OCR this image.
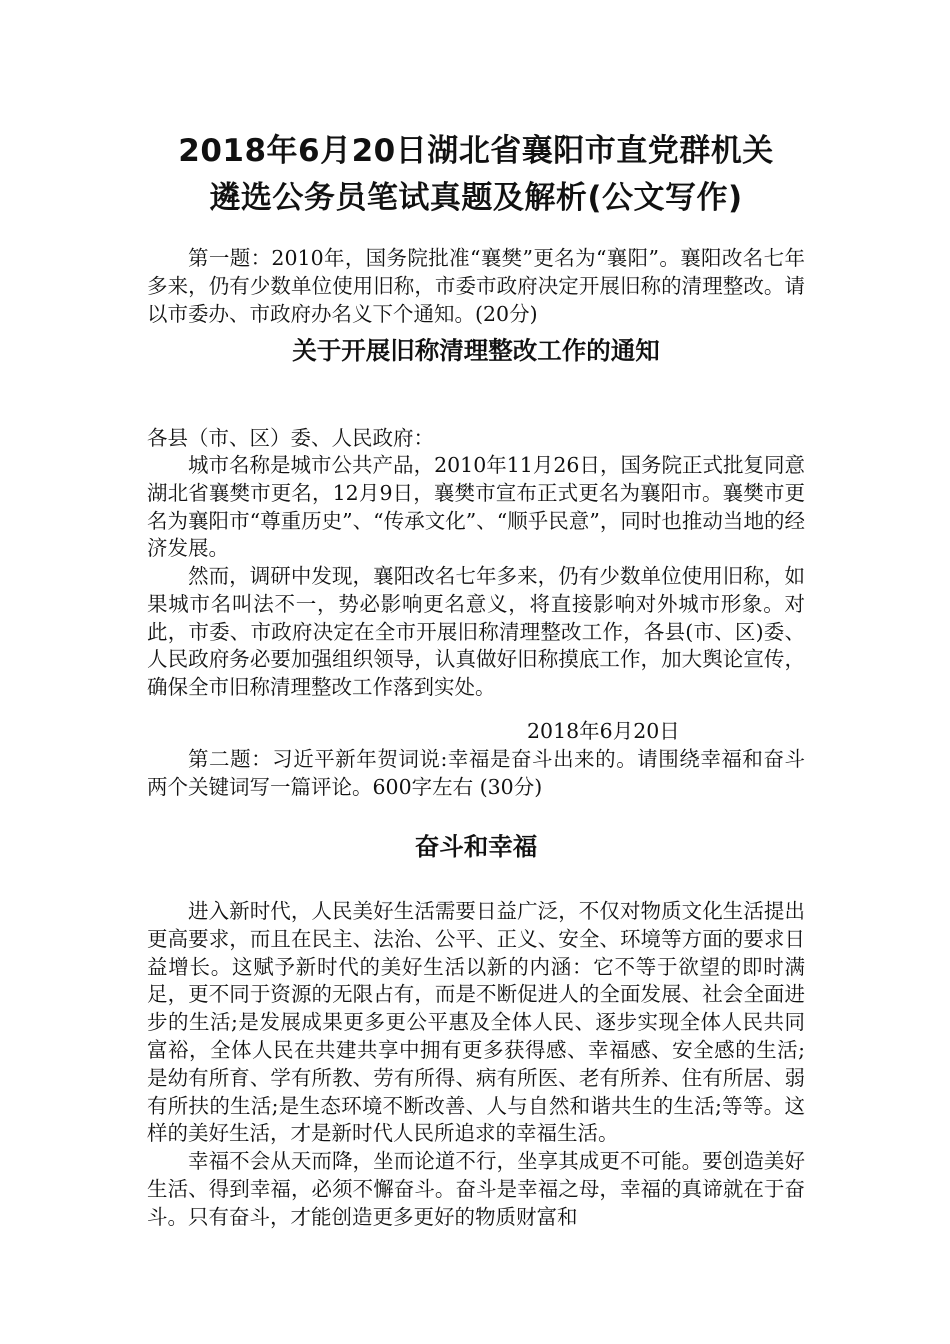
2018年6月20日湖北省襄阳市直党群机关
遴选公务员笔试真题及解析(公文写作)

第一题：2010年，国务院批准“襄樊”更名为“襄阳”。襄阳改名七年多来，仍有少数单位使用旧称，市委市政府决定开展旧称的清理整改。请以市委办、市政府办名义下个通知。(20分)

关于开展旧称清理整改工作的通知

各县（市、区）委、人民政府：

城市名称是城市公共产品，2010年11月26日，国务院正式批复同意湖北省襄樊市更名，12月9日，襄樊市宣布正式更名为襄阳市。襄樊市更名为襄阳市“尊重历史”、“传承文化”、“顺乎民意”，同时也推动当地的经济发展。

然而，调研中发现，襄阳改名七年多来，仍有少数单位使用旧称，如果城市名叫法不一，势必影响更名意义，将直接影响对外城市形象。对此，市委、市政府决定在全市开展旧称清理整改工作，各县(市、区)委、人民政府务必要加强组织领导，认真做好旧称摸底工作，加大舆论宣传，确保全市旧称清理整改工作落到实处。

2018年6月20日

第二题：习近平新年贺词说:幸福是奋斗出来的。请围绕幸福和奋斗两个关键词写一篇评论。600字左右 (30分)

奋斗和幸福

进入新时代，人民美好生活需要日益广泛，不仅对物质文化生活提出更高要求，而且在民主、法治、公平、正义、安全、环境等方面的要求日益增长。这赋予新时代的美好生活以新的内涵：它不等于欲望的即时满足，更不同于资源的无限占有，而是不断促进人的全面发展、社会全面进步的生活;是发展成果更多更公平惠及全体人民、逐步实现全体人民共同富裕，全体人民在共建共享中拥有更多获得感、幸福感、安全感的生活;是幼有所育、学有所教、劳有所得、病有所医、老有所养、住有所居、弱有所扶的生活;是生态环境不断改善、人与自然和谐共生的生活;等等。这样的美好生活，才是新时代人民所追求的幸福生活。

幸福不会从天而降，坐而论道不行，坐享其成更不可能。要创造美好生活、得到幸福，必须不懈奋斗。奋斗是幸福之母，幸福的真谛就在于奋斗。只有奋斗，才能创造更多更好的物质财富和
